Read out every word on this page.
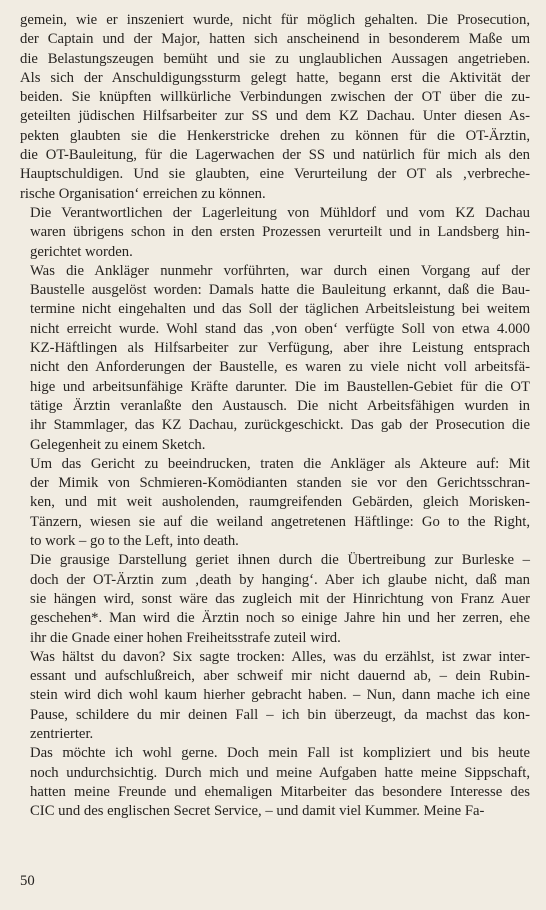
gemein, wie er inszeniert wurde, nicht für möglich gehalten. Die Prosecution,
der Captain und der Major, hatten sich anscheinend in besonderem Maße um
die Belastungszeugen bemüht und sie zu unglaublichen Aussagen angetrieben.
Als sich der Anschuldigungssturm gelegt hatte, begann erst die Aktivität der
beiden. Sie knüpften willkürliche Verbindungen zwischen der OT über die zu-
geteilten jüdischen Hilfsarbeiter zur SS und dem KZ Dachau. Unter diesen As-
pekten glaubten sie die Henkerstricke drehen zu können für die OT-Ärztin,
die OT-Bauleitung, für die Lagerwachen der SS und natürlich für mich als den
Hauptschuldigen. Und sie glaubten, eine Verurteilung der OT als ‚verbreche-
rische Organisation‘ erreichen zu können.

Die Verantwortlichen der Lagerleitung von Mühldorf und vom KZ Dachau
waren übrigens schon in den ersten Prozessen verurteilt und in Landsberg hin-
gerichtet worden.

Was die Ankläger nunmehr vorführten, war durch einen Vorgang auf der
Baustelle ausgelöst worden: Damals hatte die Bauleitung erkannt, daß die Bau-
termine nicht eingehalten und das Soll der täglichen Arbeitsleistung bei weitem
nicht erreicht wurde. Wohl stand das ‚von oben‘ verfügte Soll von etwa 4.000
KZ-Häftlingen als Hilfsarbeiter zur Verfügung, aber ihre Leistung entsprach
nicht den Anforderungen der Baustelle, es waren zu viele nicht voll arbeitsfä-
hige und arbeitsunfähige Kräfte darunter. Die im Baustellen-Gebiet für die OT
tätige Ärztin veranlaßte den Austausch. Die nicht Arbeitsfähigen wurden in
ihr Stammlager, das KZ Dachau, zurückgeschickt. Das gab der Prosecution die
Gelegenheit zu einem Sketch.

Um das Gericht zu beeindrucken, traten die Ankläger als Akteure auf: Mit
der Mimik von Schmieren-Komödianten standen sie vor den Gerichtsschran-
ken, und mit weit ausholenden, raumgreifenden Gebärden, gleich Morisken-
Tänzern, wiesen sie auf die weiland angetretenen Häftlinge: Go to the Right,
to work – go to the Left, into death.

Die grausige Darstellung geriet ihnen durch die Übertreibung zur Burleske –
doch der OT-Ärztin zum ‚death by hanging‘. Aber ich glaube nicht, daß man
sie hängen wird, sonst wäre das zugleich mit der Hinrichtung von Franz Auer
geschehen*. Man wird die Ärztin noch so einige Jahre hin und her zerren, ehe
ihr die Gnade einer hohen Freiheitsstrafe zuteil wird.

Was hältst du davon? Six sagte trocken: Alles, was du erzählst, ist zwar inter-
essant und aufschlußreich, aber schweif mir nicht dauernd ab, – dein Rubin-
stein wird dich wohl kaum hierher gebracht haben. – Nun, dann mache ich eine
Pause, schildere du mir deinen Fall – ich bin überzeugt, da machst das kon-
zentrierter.

Das möchte ich wohl gerne. Doch mein Fall ist kompliziert und bis heute
noch undurchsichtig. Durch mich und meine Aufgaben hatte meine Sippschaft,
hatten meine Freunde und ehemaligen Mitarbeiter das besondere Interesse des
CIC und des englischen Secret Service, – und damit viel Kummer. Meine Fa-

50
